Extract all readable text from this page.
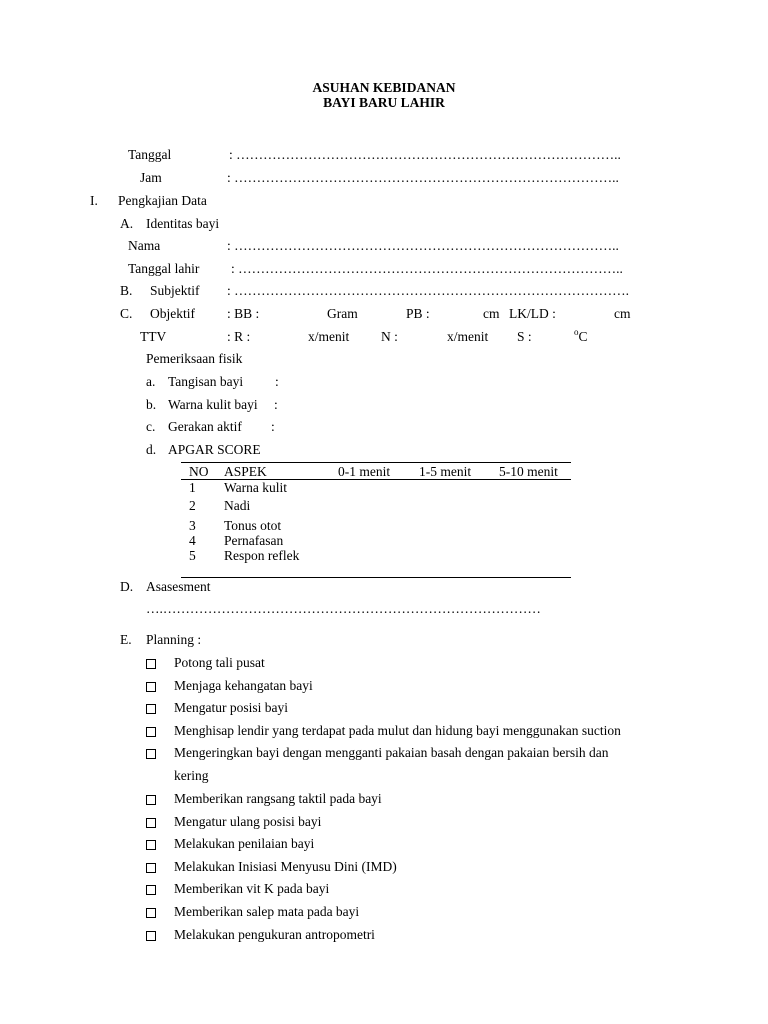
ASUHAN KEBIDANAN
BAYI BARU LAHIR
Tanggal	: …………………………………………………………………………..
Jam	: …………………………………………………………………………..
I. Pengkajian Data
A. Identitas bayi
Nama	: …………………………………………………………………………..
Tanggal lahir : …………………………………………………………………………..
B. Subjektif : …………………………………………………………………………….
C. Objektif : BB :	Gram	PB :	cm LK/LD :	cm
TTV	: R :	x/menit N :	x/menit S :	$^o$C
Pemeriksaan fisik
a. Tangisan bayi :
b. Warna kulit bayi :
c. Gerakan aktif :
d. APGAR SCORE
NO ASPEK	0-1 menit 1-5 menit 5-10 menit
1 Warna kulit
2 Nadi
3 Tonus otot
4 Pernafasan
5 Respon reflek
D. Asasesment
….…………………………………………………………………………
E. Planning :
Potong tali pusat
Menjaga kehangatan bayi
Mengatur posisi bayi
Menghisap lendir yang terdapat pada mulut dan hidung bayi menggunakan suction
Mengeringkan bayi dengan mengganti pakaian basah dengan pakaian bersih dan
kering
Memberikan rangsang taktil pada bayi
Mengatur ulang posisi bayi
Melakukan penilaian bayi
Melakukan Inisiasi Menyusu Dini (IMD)
Memberikan vit K pada bayi
Memberikan salep mata pada bayi
Melakukan pengukuran antropometri
